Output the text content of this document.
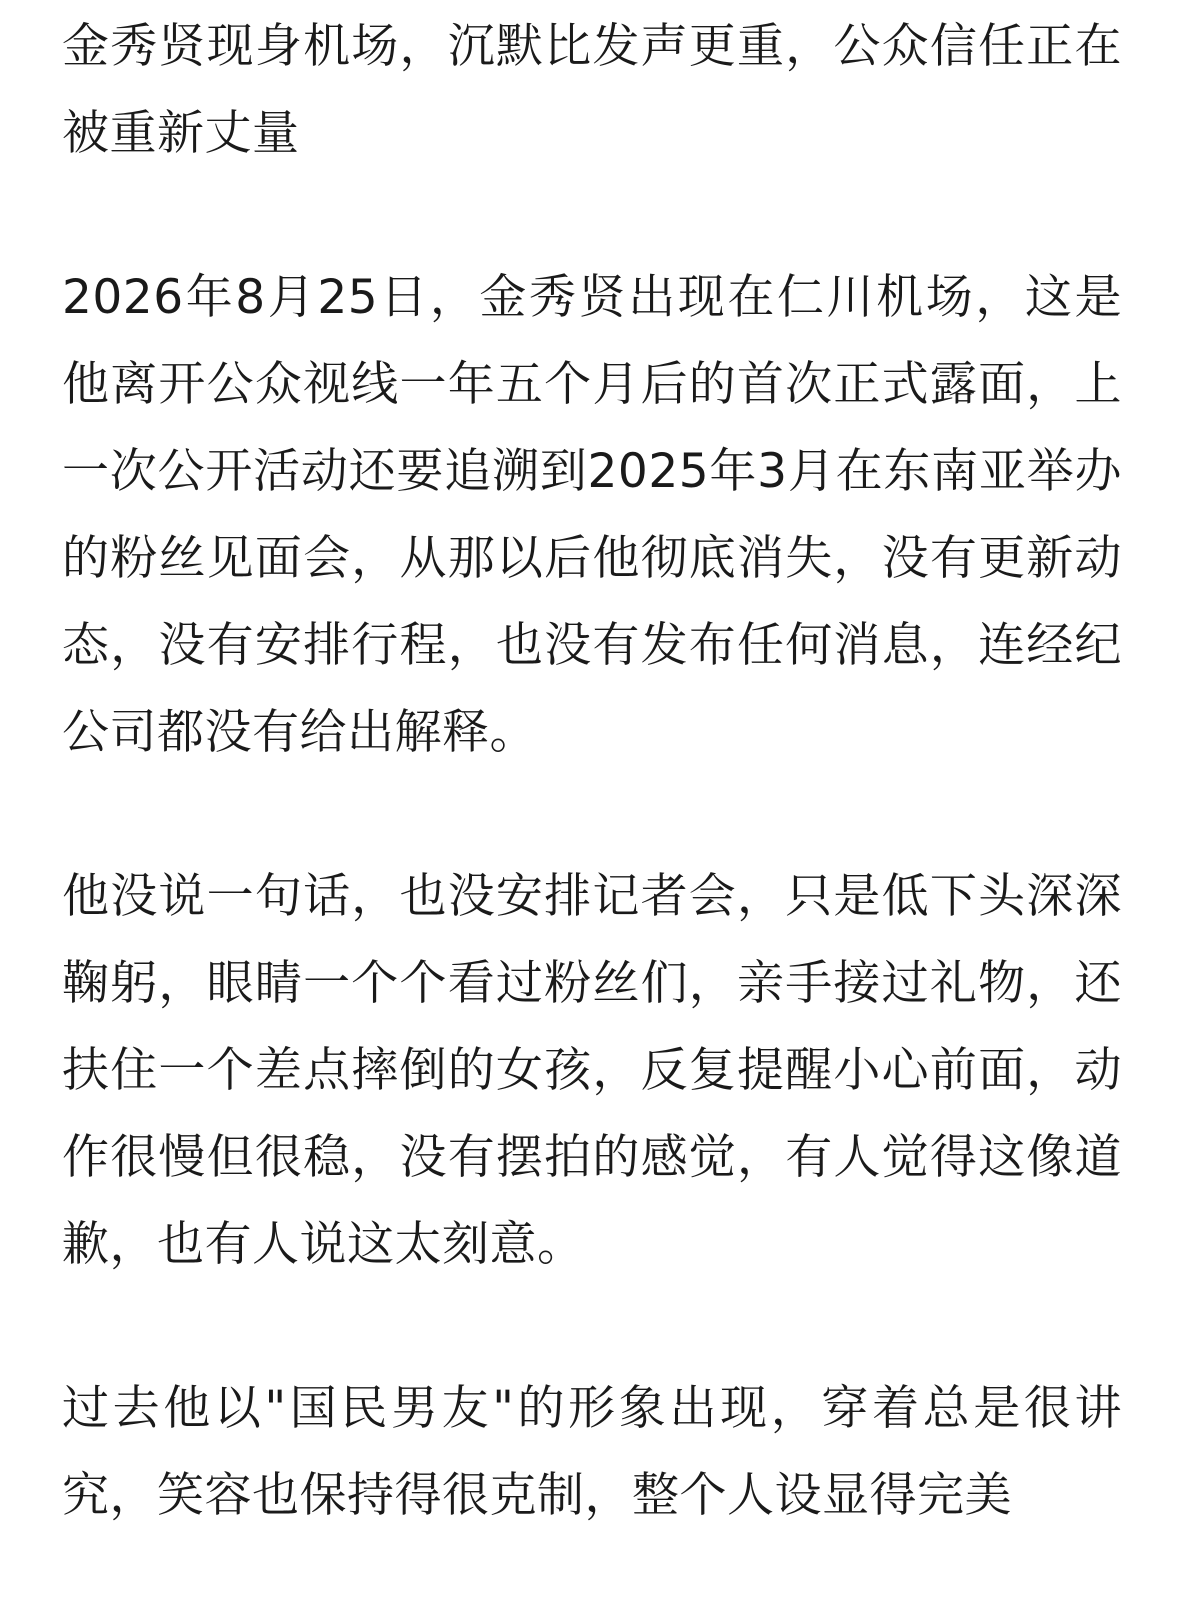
金秀贤现身机场，沉默比发声更重，公众信任正在被重新丈量

2026年8月25日，金秀贤出现在仁川机场，这是他离开公众视线一年五个月后的首次正式露面，上一次公开活动还要追溯到2025年3月在东南亚举办的粉丝见面会，从那以后他彻底消失，没有更新动态，没有安排行程，也没有发布任何消息，连经纪公司都没有给出解释。

他没说一句话，也没安排记者会，只是低下头深深鞠躬，眼睛一个个看过粉丝们，亲手接过礼物，还扶住一个差点摔倒的女孩，反复提醒小心前面，动作很慢但很稳，没有摆拍的感觉，有人觉得这像道歉，也有人说这太刻意。

过去他以"国民男友"的形象出现，穿着总是很讲究，笑容也保持得很克制，整个人设显得完美
